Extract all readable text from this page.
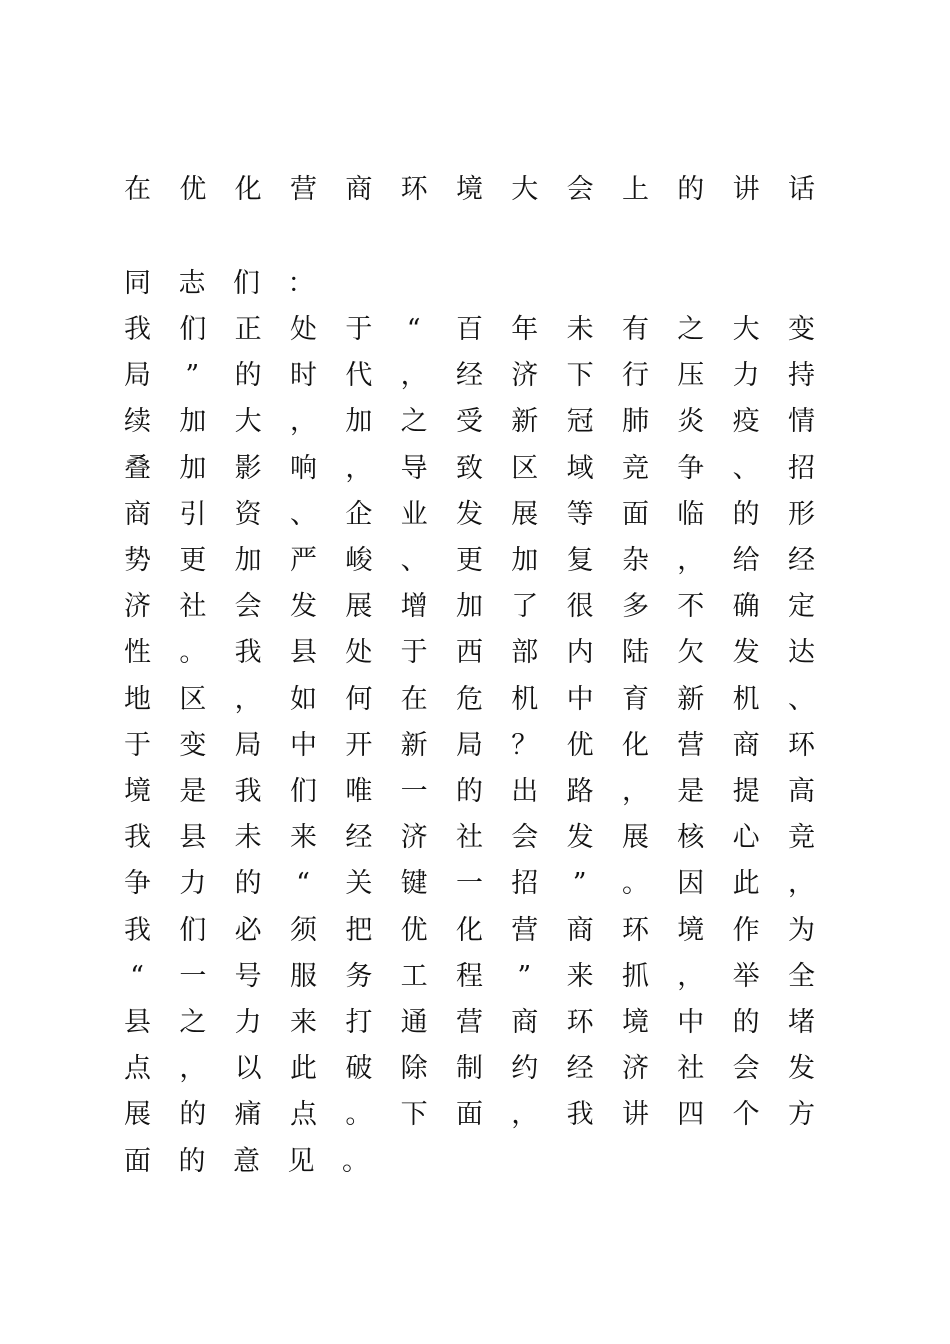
在 优 化 营 商 环 境 大 会 上 的 讲 话
同 志 们 ：
我 们 正 处 于 “ 百 年 未 有 之 大 变
局 ” 的 时 代 ， 经 济 下 行 压 力 持
续 加 大 ， 加 之 受 新 冠 肺 炎 疫 情
叠 加 影 响 ， 导 致 区 域 竞 争 、 招
商 引 资 、 企 业 发 展 等 面 临 的 形
势 更 加 严 峻 、 更 加 复 杂 ， 给 经
济 社 会 发 展 增 加 了 很 多 不 确 定
性 。 我 县 处 于 西 部 内 陆 欠 发 达
地 区 ， 如 何 在 危 机 中 育 新 机 、
于 变 局 中 开 新 局 ？ 优 化 营 商 环
境 是 我 们 唯 一 的 出 路 ， 是 提 高
我 县 未 来 经 济 社 会 发 展 核 心 竞
争 力 的 “ 关 键 一 招 ” 。 因 此 ，
我 们 必 须 把 优 化 营 商 环 境 作 为
“ 一 号 服 务 工 程 ” 来 抓 ， 举 全
县 之 力 来 打 通 营 商 环 境 中 的 堵
点 ， 以 此 破 除 制 约 经 济 社 会 发
展 的 痛 点 。 下 面 ， 我 讲 四 个 方
面 的 意 见 。
